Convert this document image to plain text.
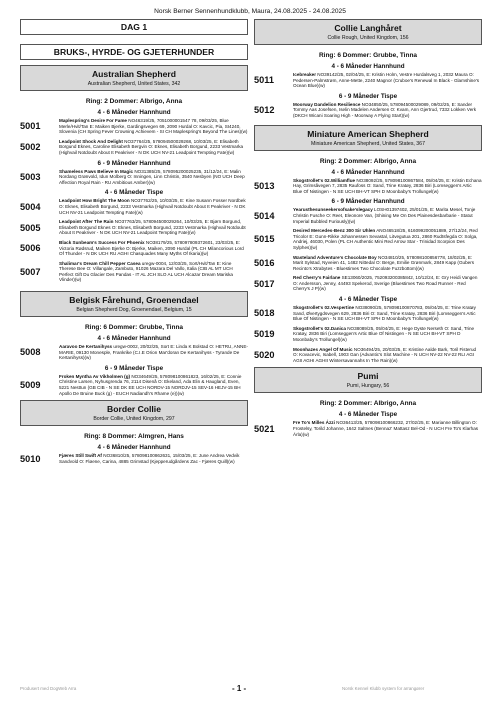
Norsk Berner Sennenhundklubb, Maura, 24.08.2025 - 24.08.2025
DAG 1
BRUKS-, HYRDE- OG GJETERHUNDER
Australian Shepherd
Australian Shepherd, United States, 342
Ring: 2 Dommer: Albrigo, Anna
4 - 6 Måneder Hannhund
5001
Maplespring's Desire For Fame NO46319/25, 7051000001547 78, 09/03/25, Blue Merle/Hvit/Tan E: Maiken Bjerke, Gardingsvegen 69, 2090 Hurdal O: Kavcic, Pia, SI4240, Slovenia (CH Spring Fever Crowning Achievem - SI CH Maplespring's Beyond The Lines)(w)
5002
Leadpoint Shock And Delight NO37764/25, 578094500029268, 10/03/25, E: Elisabeth Borgund Eknes, Caroline Elisabeth Bergvin O: Eknes, Elisabeth Borgund, 2233 Vestmarka (Highvail Notdoubt About It Peakriver - N DK UCH NV-21 Leadpoint Tempting Fate)(w)
6 - 9 Måneder Hannhund
5003
Shameless Paws Believe In Magic NO31385/25, 578095200025235, 31/12/24, E: Malin Nordang Grønvold, Idun Molberg O: Inningen, Linn Christin, 3540 Nesbyen (NO UCH Deep Affection Royal Rain - RU Ambitious Amber)(w)
4 - 6 Måneder Tispe
5004
Leadpoint How Bright The Moon NO37762/25, 10/03/25, E: Kine Susann Fosser Nordbek O: Eknes, Elisabeth Borgund, 2233 Vestmarka (Highvail Notdoubt About It Peakriver - N DK UCH NV-21 Leadpoint Tempting Fate)(w)
5005
Leadpoint After The Rain NO37763/25, 578094500029264, 10/03/25, E: Bjørn Borgund, Elisabeth Borgund Eknes O: Eknes, Elisabeth Borgund, 2233 Vestmarka (Highvail Notdoubt About It Peakriver - N DK UCH NV-21 Leadpoint Tempting Fate)(w)
5006
Black Sunbeam's Success For Phoenix NO38179/25, 578097809372601, 23/03/25, E: Victoria Rødsrud, Maiken Bjerke O: Bjerke, Maiken, 2090 Hurdal (PL CH Milancorious Lord Of Thunder - N DK UCH RU AGHI Chasquades Many Myths Of Ikaria)(w)
5007
Shalimar's Dream Chill Pepper Casea uregw-0004, 12/03/25, Sort/Hvit/Tan E: Kine Therese Bee O: Villangale, Zambuto, 91026 Mazara Del Vallo, Italia (CIB AL MT UCH Perfect Gift Du Glacier Des Pandas - IT AL JCH SLO AL UCH Alcazar Dream Mariska Vlinder)(w)
Belgisk Fårehund, Groenendael
Belgian Shepherd Dog, Groenendael, Belgium, 15
Ring: 6 Dommer: Grubbe, Tinna
4 - 6 Måneder Hannhund
5008
Aaravoo De Kertanihyss uregw-0002, 20/02/25, Sort E: Linda K Bolstad O: HETRU, ANNE-MARIE, 09130 Monesple, Frankrike (C.I.E Orion Mar'doran De Kertanihyss - Tyrande De Kertanihyss)(w)
6 - 9 Måneder Tispe
5009
Froken Myntha Av Vikholmen (g) NO34649/25, 578098100861823, 16/02/25, E: Connie Christine Larsen, Nyhusgrenda 76, 2114 Disenå O: Ekeland, Ada Elin & Haugland, Even, 5221 Nesttun (GB CIB - N SE DK EE UCH NORDV-15 NORDJV-15 SEV-16 HEJV-15 BH Apollo De Bruine Buck (g) - EUCH Nadiandh's Rhame (e))(w)
Border Collie
Border Collie, United Kingdom, 297
Ring: 8 Dommer: Almgren, Hans
4 - 6 Måneder Hannhund
5010	Fjæres Still Swift Af NO36810/25, 578098100862631, 15/03/25, E: June Andrea Vedvik Sandvold O: Fløene, Carina, 4885 Grimstad (Kjepperudgårdens Zac - Fjæres Quill)(w)
Collie Langhåret
Collie Rough, United Kingdom, 156
Ring: 6 Dommer: Grubbe, Tinna
4 - 6 Måneder Hannhund
5011
Icebreaker NO39142/25, 02/04/25, E: Kristin Holm, Vestre Hurdalsveg 1, 2032 Maura O: Pedersen-Palmstrøm, Anne-Mette, 2240 Magnor (Cruboe's Renewal In Black - Glamshine's Ocean Blue)(w)
6 - 9 Måneder Tispe
5012
Moorway Dandelion Resilience NO34850/25, 578094500029089, 09/02/25, E: Sander Tommy Aas Josefsen, Iselin Madelen Andersen O: Kvam, Ann Gjertrud, 7332 Lokken Verk (DKCH Wicani Soaring High - Moorway A Flying Start)(w)
Miniature American Shepherd
Miniature American Shepherd, United States, 367
Ring: 2 Dommer: Albrigo, Anna
4 - 6 Måneder Hannhund
5013
Skogstrollet's 02.Williamflue NO38092/25, 578098100867584, 05/04/25, E: Kristin Echana Hay, Grimsåvegen 7, 2835 Raufoss O: Sand, Trine Kratøy, 2836 Biri (Lomseggen's Artic Blue Of Nistingen - N SE UCH BH-VT SPH D Moonbaby's Trollungel(w)
6 - 9 Måneder Hannhund
5014
Yearusthesunseekersofsake'slegacy LOSH01397402, 25/01/25, E: Marita Mesel, Tonje Christin Fusche O: Reet, Eleonore Van, (Shining Me On Des Plainesdesbarbarie - Statut Imperial Bubbled Furiously)(w)
5015
Desired Mercedes-Benz 300 Sir Uhlen ANO46518/25, 616099200051889, 27/12/24, Red Tricolor E: Gunn-Rikke Johannessen Sevastal, Litvegutua 201, 2860 Rudtsfegda O: Solga, Andriej, 46030, Polen (PL CH Authentic Mini Red Arrow Star - Trinidad Scorpion Des Sylphes)(w)
5016
Wasteland Adventure's Chocolate Boy NO34810/25, 578098100856778, 18/02/25, E: Marit Sylstad, Nyveien 41, 1482 Nittedal O: Berge, Emilie Grønmark, 2849 Kapp (Gubers Recinto's Xtrabytes - Bluestimes Two Chocolate Fuzzbottom)(w)
5017
Red Cherry's Fairlane SE13060/2025, 752093200385842, 10/12/24, E: Gry Heidi Vangen O: Andersson, Jenny, 44493 Spekerod, Sverige (Bluestimes Two Road Runner - Red Cherry's J P)(w)
4 - 6 Måneder Tispe
5018
Skogstrollet's 02.Vespertine NO38090/25, 578098100870783, 05/04/25, E: Trine Kratøy Sand, Øvertygdsvegen 629, 2836 Biri O: Sand, Trine Kratøy, 2836 Biri (Lomseggen's Artic Blue Of Nistingen - N SE UCH BH-VT SPH D Moonbaby's Trollungel(w)
5019
Skogstrollet's 02.Danica NO38089/25, 05/04/25, E: Hege Dyste Nerseth O: Sand, Trine Kratøy, 2836 Biri (Lomseggen's Artic Blue Of Nistingen - N SE UCH BH-VT SPH D Moonbaby's Trollungel)(w)
5020
Moonhazes Angel Of Music NO36494/25, 20/03/25, E: Kristine Aalde Bark, Toril Fisterud O: Kovacevic, Isabell, 1903 Gan (Advantic's Slot Machine - N UCH NV-22 NV-22 RLI AGI AGII AGHI AGHII Wintersavannahs In The Rain)(w)
Pumi
Pumi, Hungary, 56
Ring: 2 Dommer: Albrigo, Anna
4 - 6 Måneder Tispe
5021
Fre To's Milles Ázzi NO36413/25, 578098100866232, 27/02/25, E: Marianne Billington O: Frostelsy, Torild Johanne, 1642 Saltnes (Bennaz' Mattasz Bel-Od - N UCH Fre To's Klarhas Árla)(w)
Produsert med DogWeb Arra	- 1 -	Norsk Kennel Klubb system for arrangører
